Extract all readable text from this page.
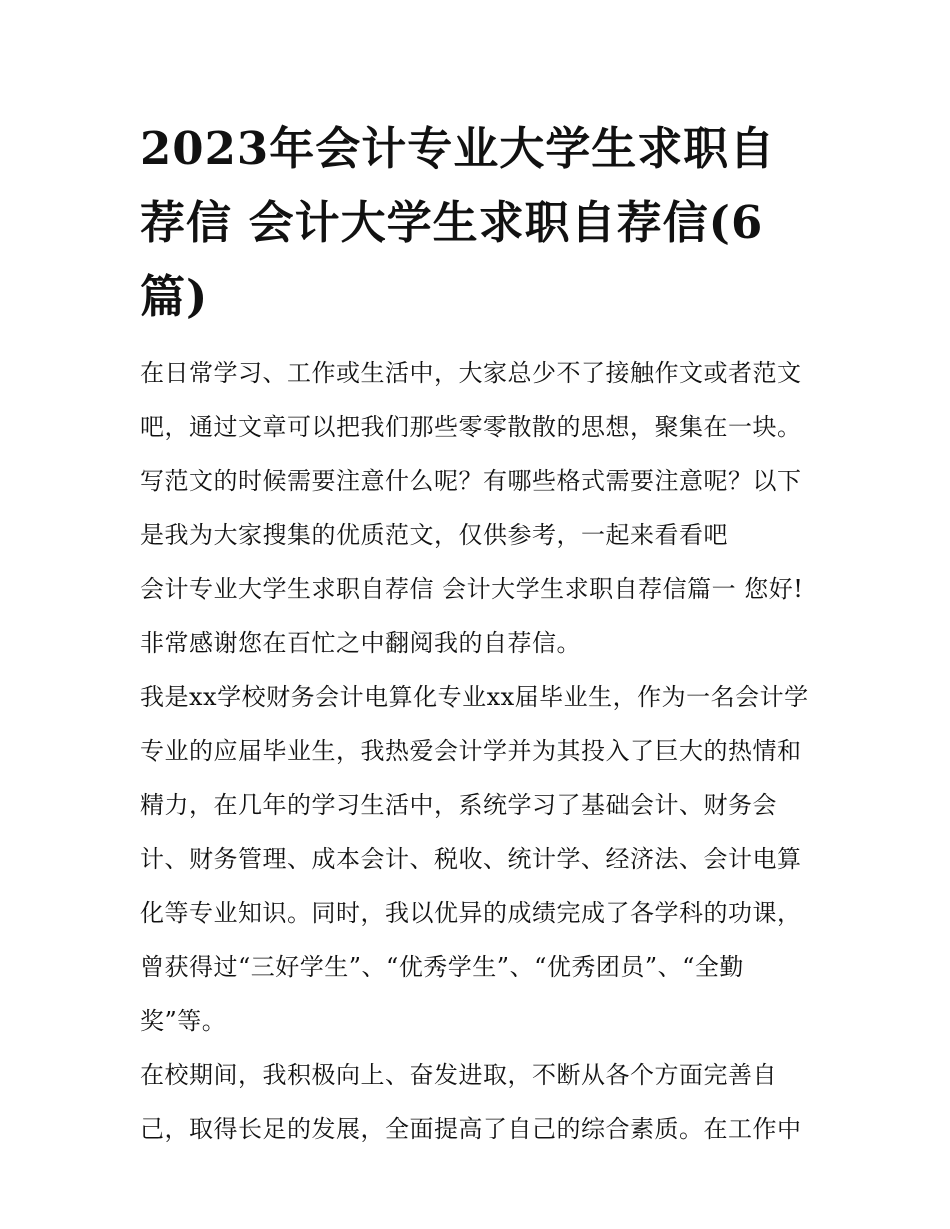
2023年会计专业大学生求职自荐信 会计大学生求职自荐信(6篇)

在日常学习、工作或生活中，大家总少不了接触作文或者范文吧，通过文章可以把我们那些零零散散的思想，聚集在一块。写范文的时候需要注意什么呢？有哪些格式需要注意呢？以下是我为大家搜集的优质范文，仅供参考，一起来看看吧

会计专业大学生求职自荐信 会计大学生求职自荐信篇一 您好!

非常感谢您在百忙之中翻阅我的自荐信。

我是xx学校财务会计电算化专业xx届毕业生，作为一名会计学专业的应届毕业生，我热爱会计学并为其投入了巨大的热情和精力，在几年的学习生活中，系统学习了基础会计、财务会计、财务管理、成本会计、税收、统计学、经济法、会计电算化等专业知识。同时，我以优异的成绩完成了各学科的功课，曾获得过“三好学生”、“优秀学生”、“优秀团员”、“全勤奖”等。

在校期间，我积极向上、奋发进取，不断从各个方面完善自己，取得长足的发展，全面提高了自己的综合素质。在工作中
